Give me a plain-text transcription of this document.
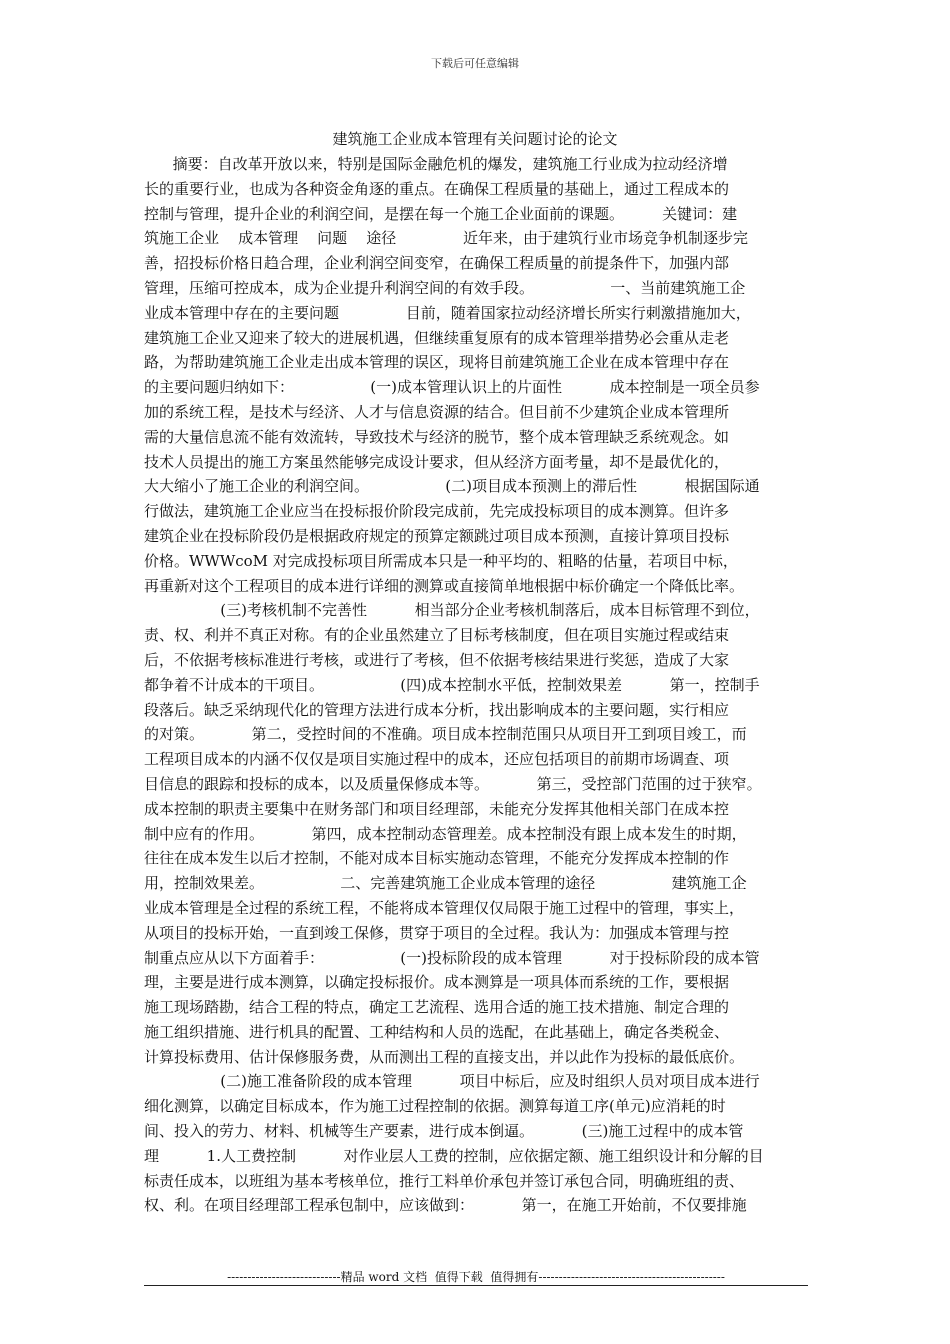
下载后可任意编辑
建筑施工企业成本管理有关问题讨论的论文
摘要：自改革开放以来，特别是国际金融危机的爆发，建筑施工行业成为拉动经济增
长的重要行业，也成为各种资金角逐的重点。在确保工程质量的基础上，通过工程成本的
控制与管理，提升企业的利润空间，是摆在每一个施工企业面前的课题。        关键词：建
筑施工企业    成本管理    问题    途径              近年来，由于建筑行业市场竞争机制逐步完
善，招投标价格日趋合理，企业利润空间变窄，在确保工程质量的前提条件下，加强内部
管理，压缩可控成本，成为企业提升利润空间的有效手段。                一、当前建筑施工企
业成本管理中存在的主要问题              目前，随着国家拉动经济增长所实行刺激措施加大，
建筑施工企业又迎来了较大的进展机遇，但继续重复原有的成本管理举措势必会重从走老
路，为帮助建筑施工企业走出成本管理的误区，现将目前建筑施工企业在成本管理中存在
的主要问题归纳如下：                (一)成本管理认识上的片面性          成本控制是一项全员参
加的系统工程，是技术与经济、人才与信息资源的结合。但目前不少建筑企业成本管理所
需的大量信息流不能有效流转，导致技术与经济的脱节，整个成本管理缺乏系统观念。如
技术人员提出的施工方案虽然能够完成设计要求，但从经济方面考量，却不是最优化的，
大大缩小了施工企业的利润空间。                (二)项目成本预测上的滞后性          根据国际通
行做法，建筑施工企业应当在投标报价阶段完成前，先完成投标项目的成本测算。但许多
建筑企业在投标阶段仍是根据政府规定的预算定额跳过项目成本预测，直接计算项目投标
价格。WWWcoM 对完成投标项目所需成本只是一种平均的、粗略的估量，若项目中标，
再重新对这个工程项目的成本进行详细的测算或直接简单地根据中标价确定一个降低比率。
(三)考核机制不完善性          相当部分企业考核机制落后，成本目标管理不到位，
责、权、利并不真正对称。有的企业虽然建立了目标考核制度，但在项目实施过程或结束
后，不依据考核标准进行考核，或进行了考核，但不依据考核结果进行奖惩，造成了大家
都争着不计成本的干项目。                (四)成本控制水平低，控制效果差          第一，控制手
段落后。缺乏采纳现代化的管理方法进行成本分析，找出影响成本的主要问题，实行相应
的对策。          第二，受控时间的不准确。项目成本控制范围只从项目开工到项目竣工，而
工程项目成本的内涵不仅仅是项目实施过程中的成本，还应包括项目的前期市场调查、项
目信息的跟踪和投标的成本，以及质量保修成本等。          第三，受控部门范围的过于狭窄。
成本控制的职责主要集中在财务部门和项目经理部，未能充分发挥其他相关部门在成本控
制中应有的作用。          第四，成本控制动态管理差。成本控制没有跟上成本发生的时期，
往往在成本发生以后才控制，不能对成本目标实施动态管理，不能充分发挥成本控制的作
用，控制效果差。                二、完善建筑施工企业成本管理的途径                建筑施工企
业成本管理是全过程的系统工程，不能将成本管理仅仅局限于施工过程中的管理，事实上，
从项目的投标开始，一直到竣工保修，贯穿于项目的全过程。我认为：加强成本管理与控
制重点应从以下方面着手：                (一)投标阶段的成本管理          对于投标阶段的成本管
理，主要是进行成本测算，以确定投标报价。成本测算是一项具体而系统的工作，要根据
施工现场踏勘，结合工程的特点，确定工艺流程、选用合适的施工技术措施、制定合理的
施工组织措施、进行机具的配置、工种结构和人员的选配，在此基础上，确定各类税金、
计算投标费用、估计保修服务费，从而测出工程的直接支出，并以此作为投标的最低底价。
(二)施工准备阶段的成本管理          项目中标后，应及时组织人员对项目成本进行
细化测算，以确定目标成本，作为施工过程控制的依据。测算每道工序(单元)应消耗的时
间、投入的劳力、材料、机械等生产要素，进行成本倒逼。          (三)施工过程中的成本管
理          1.人工费控制          对作业层人工费的控制，应依据定额、施工组织设计和分解的目
标责任成本，以班组为基本考核单位，推行工料单价承包并签订承包合同，明确班组的责、
权、利。在项目经理部工程承包制中，应该做到：          第一，在施工开始前，不仅要排施
----------------------------精品 word 文档  值得下载  值得拥有----------------------------------------------
